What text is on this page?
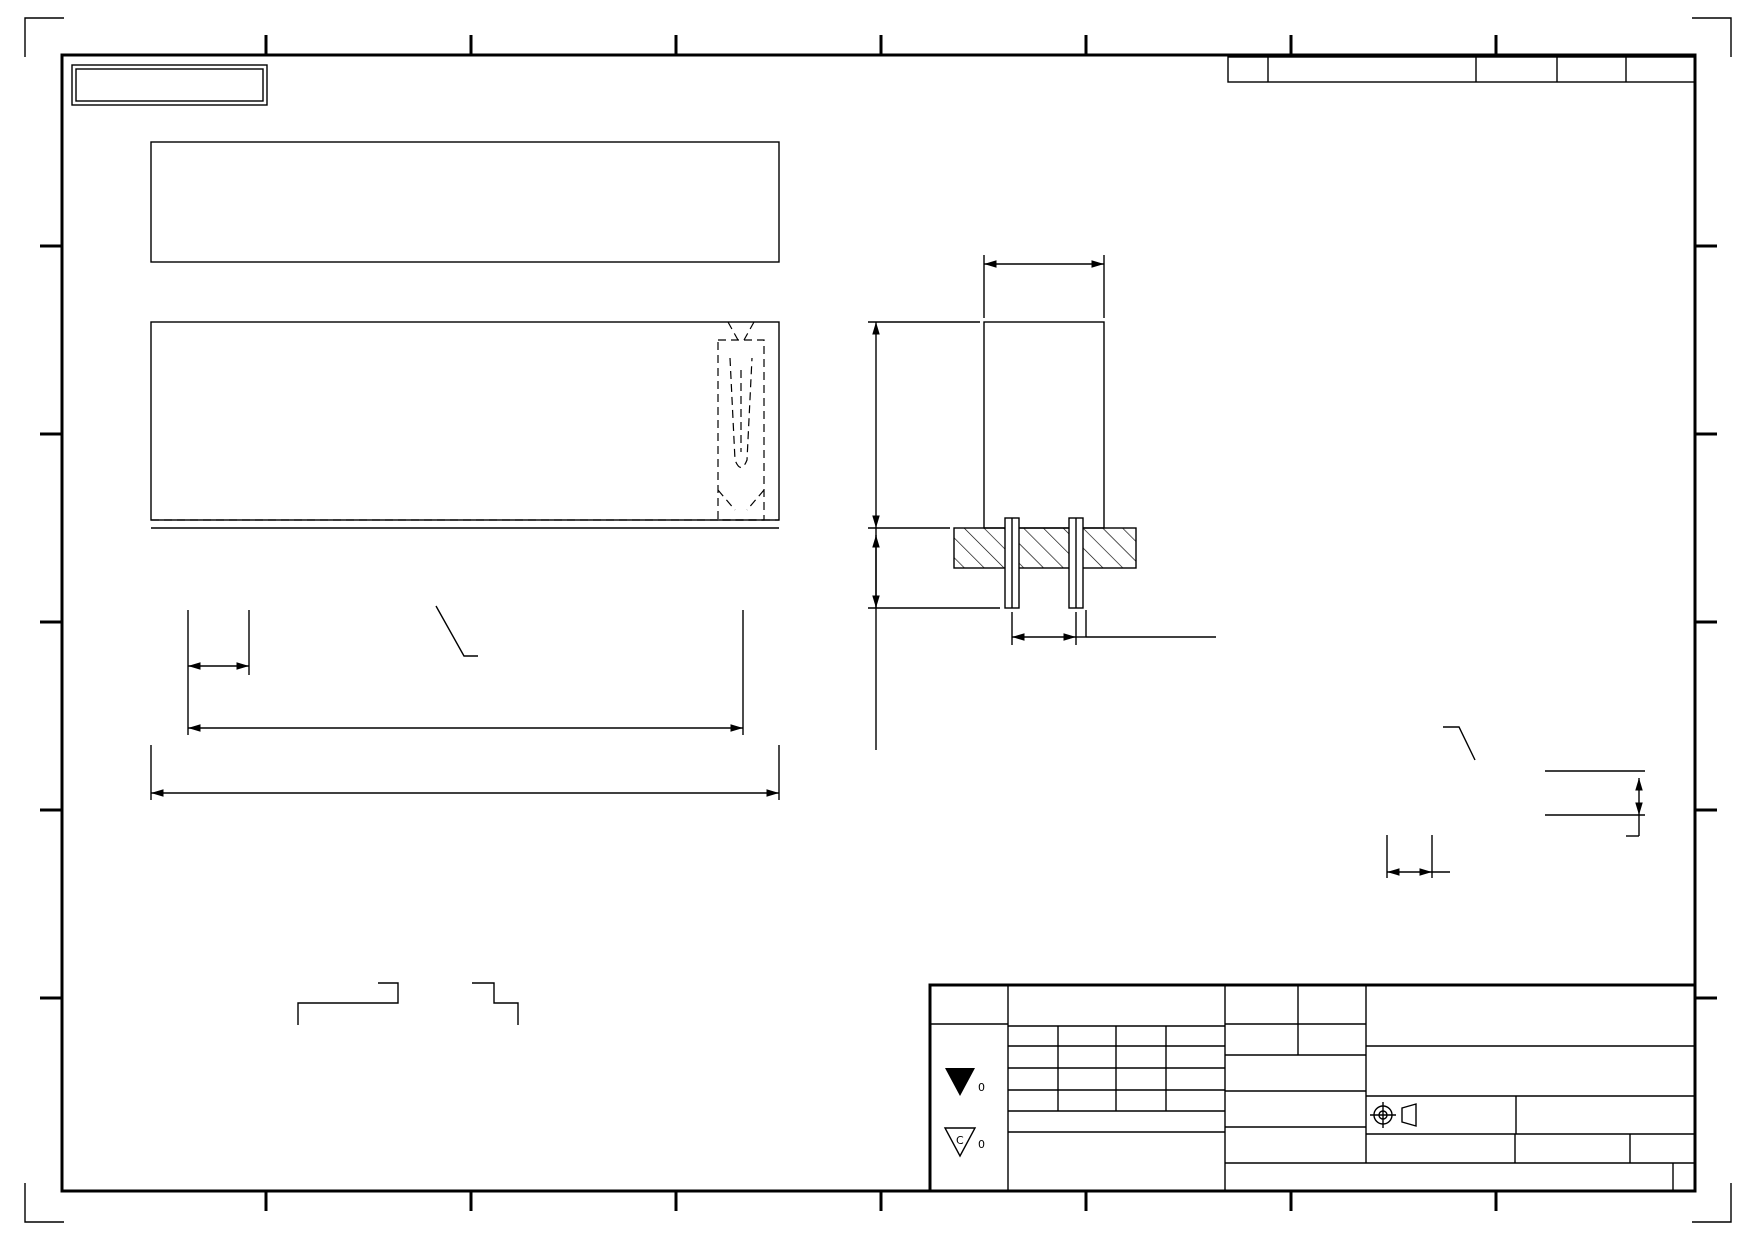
0
C 0
